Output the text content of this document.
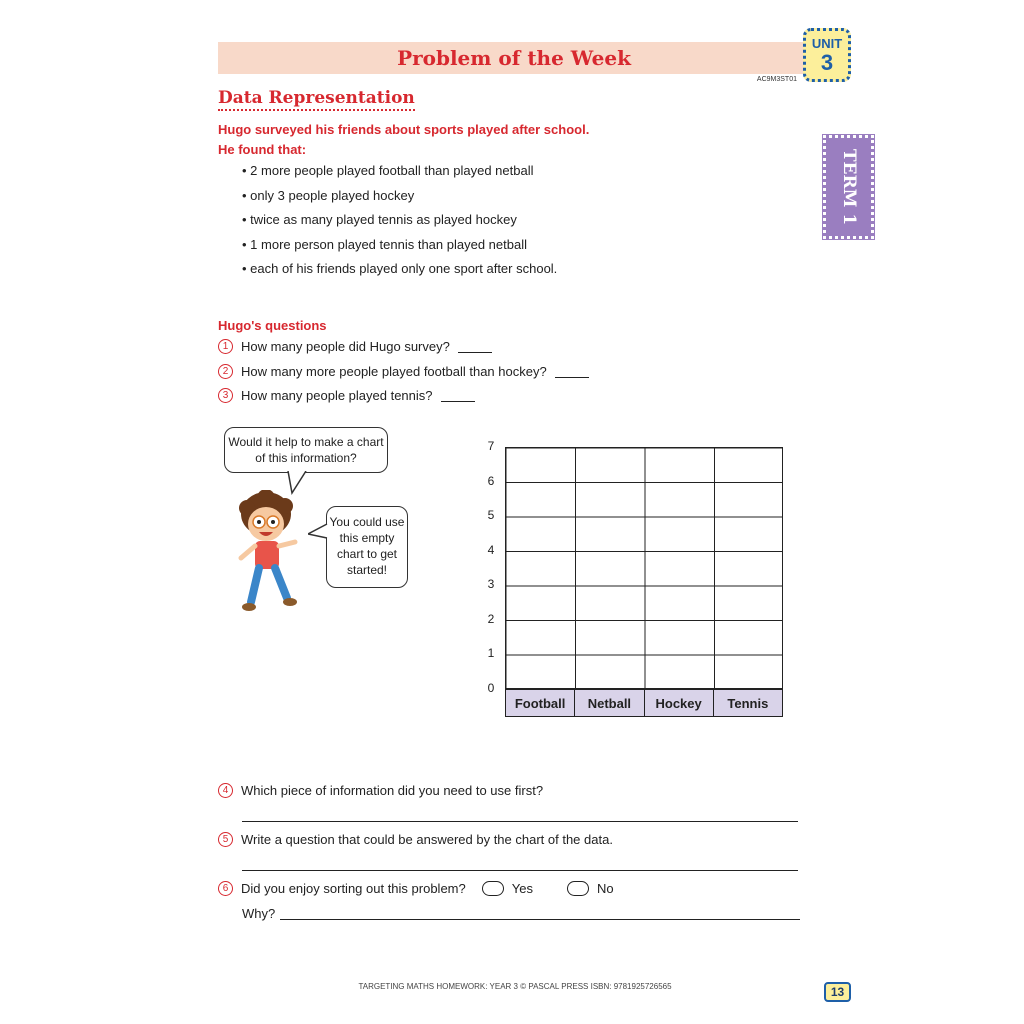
Problem of the Week
UNIT
3
AC9M3ST01
TERM 1
Data Representation
Hugo surveyed his friends about sports played after school.
He found that:
• 2 more people played football than played netball
• only 3 people played hockey
• twice as many played tennis as played hockey
• 1 more person played tennis than played netball
• each of his friends played only one sport after school.
Hugo's questions
1 How many people did Hugo survey?
2 How many more people played football than hockey?
3 How many people played tennis?
Would it help to make a chart of this information?
You could use this empty chart to get started!
0
1
2
3
4
5
6
7
Football	Netball	Hockey	Tennis
4 Which piece of information did you need to use first?
5 Write a question that could be answered by the chart of the data.
6 Did you enjoy sorting out this problem?	Yes	No
Why?
TARGETING MATHS HOMEWORK: YEAR 3 © PASCAL PRESS ISBN: 9781925726565	13
